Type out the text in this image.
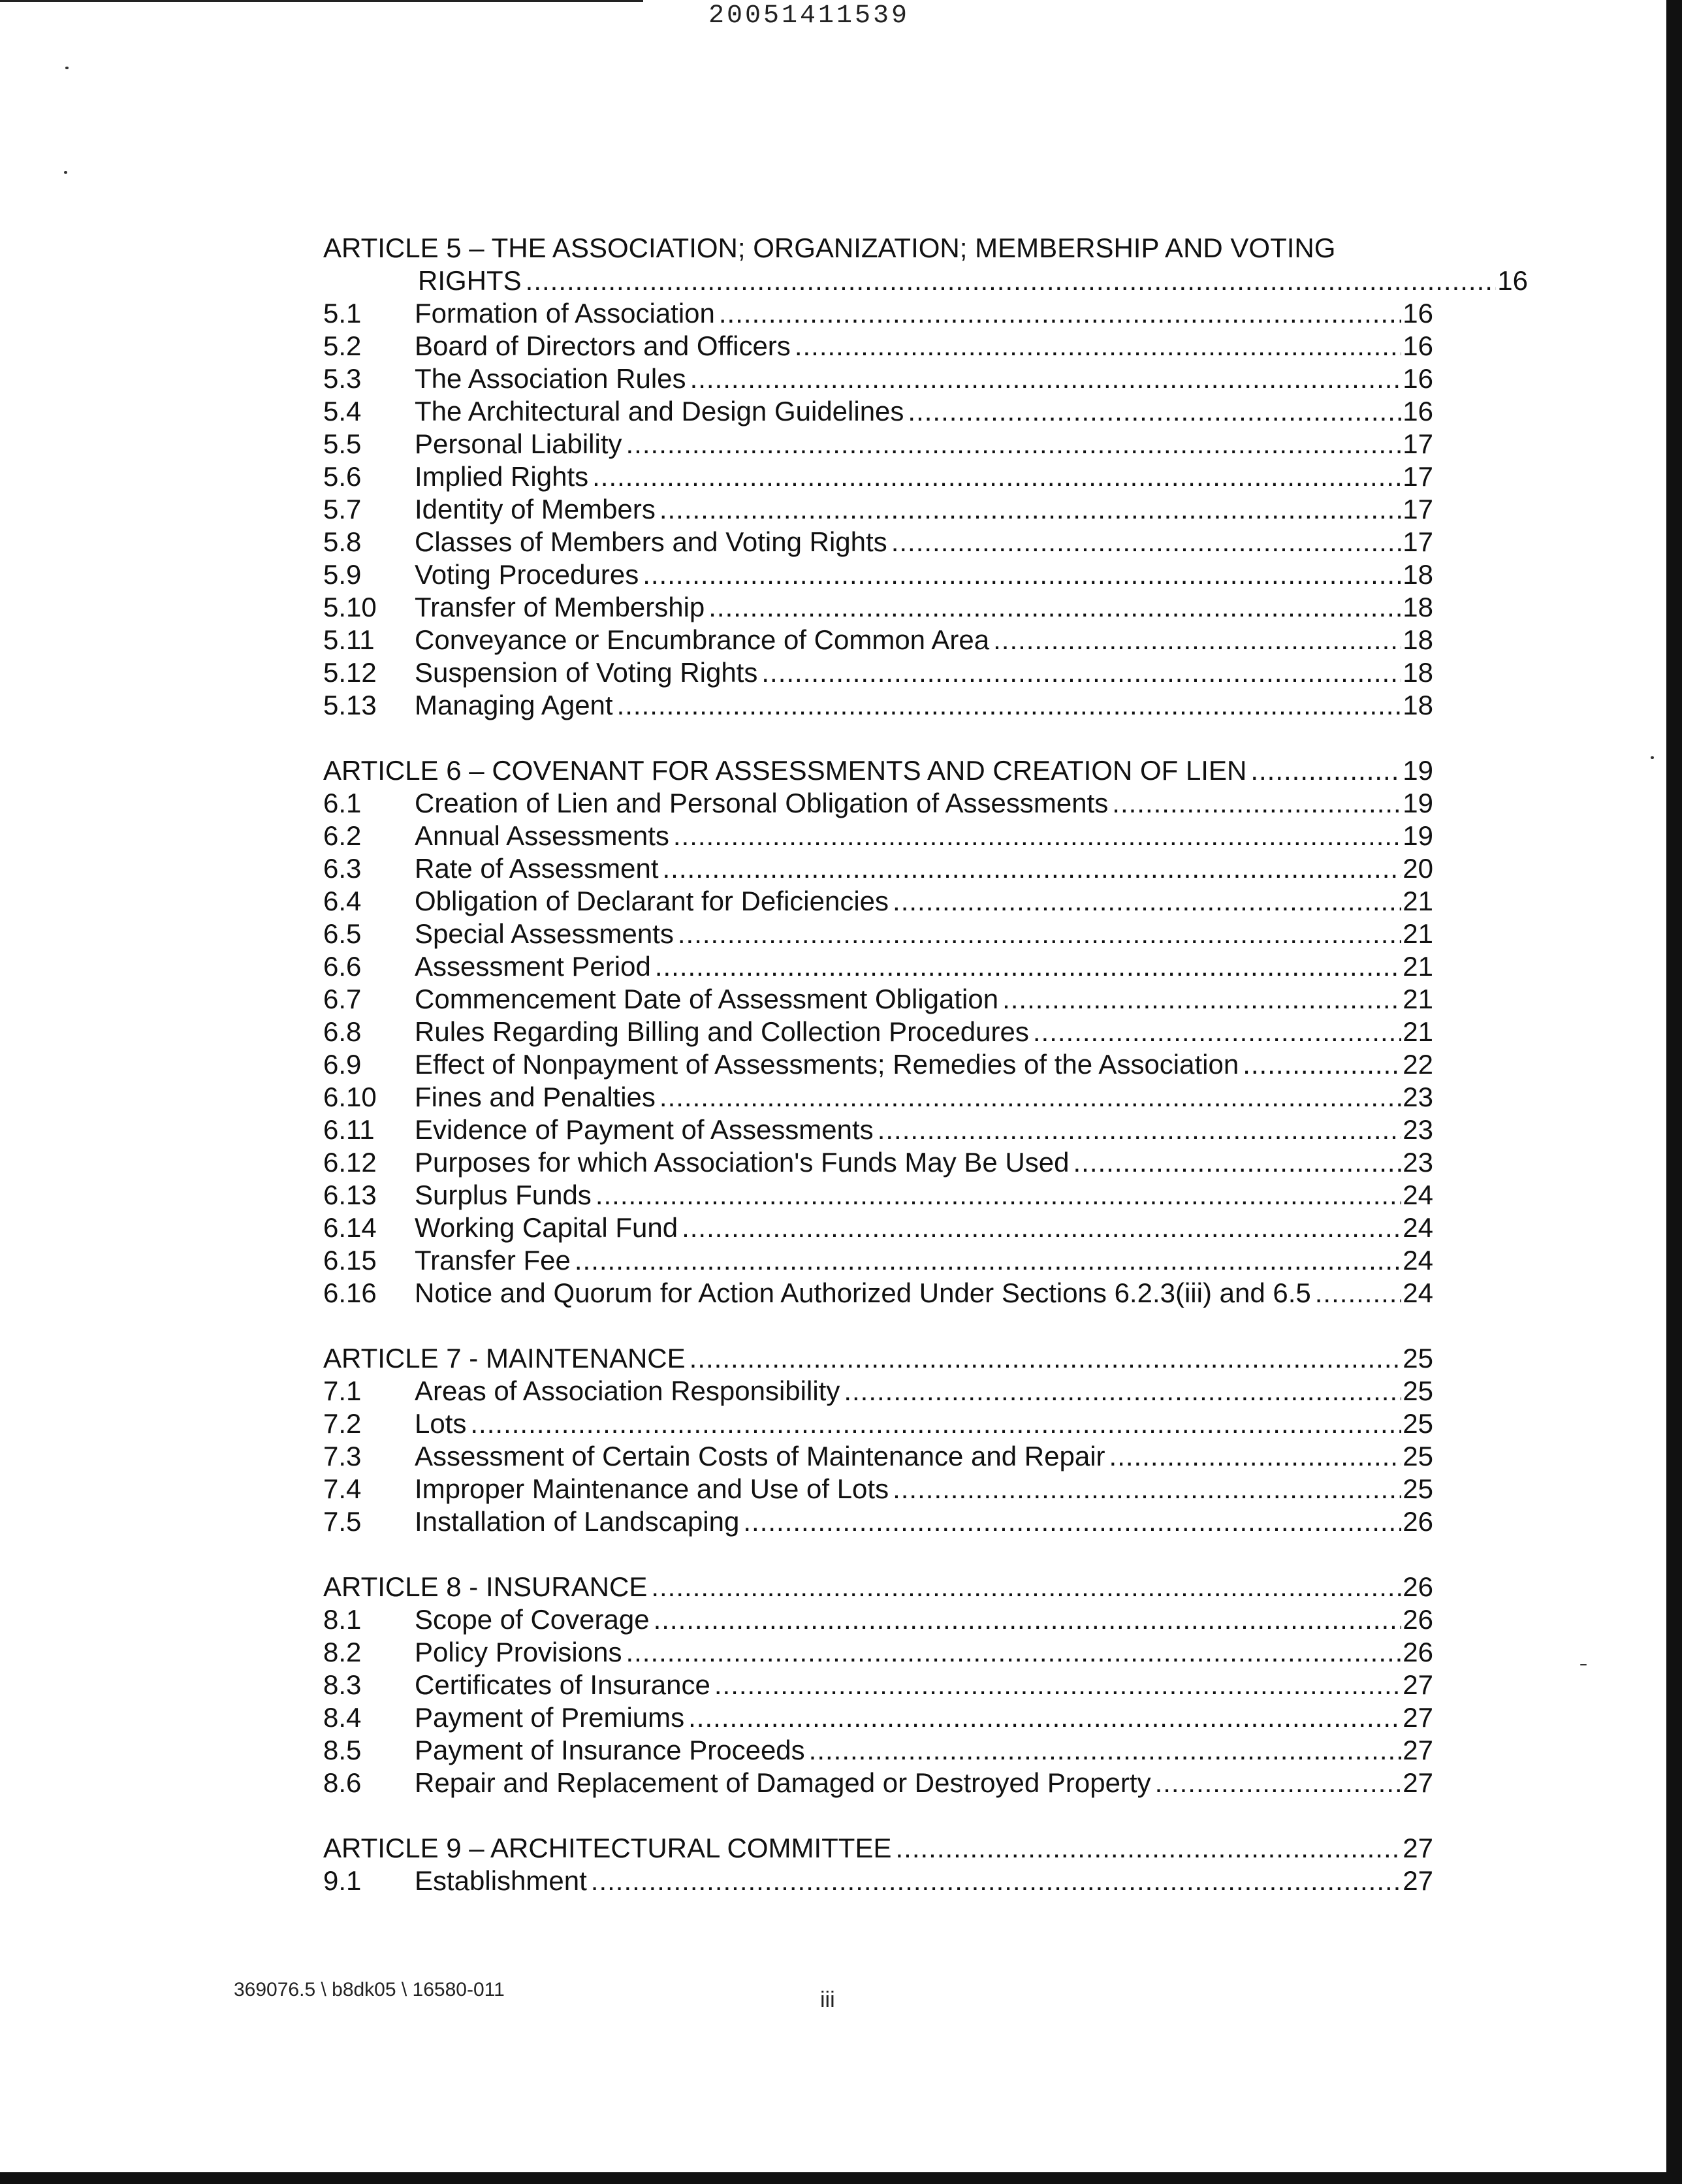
20051411539
ARTICLE 5 – THE ASSOCIATION; ORGANIZATION; MEMBERSHIP AND VOTING
RIGHTS .....	16
5.1 Formation of Association .....	16
5.2 Board of Directors and Officers .....	16
5.3 The Association Rules .....	16
5.4 The Architectural and Design Guidelines .....	16
5.5 Personal Liability .....	17
5.6 Implied Rights .....	17
5.7 Identity of Members .....	17
5.8 Classes of Members and Voting Rights .....	17
5.9 Voting Procedures .....	18
5.10 Transfer of Membership .....	18
5.11 Conveyance or Encumbrance of Common Area .....	18
5.12 Suspension of Voting Rights .....	18
5.13 Managing Agent .....	18
ARTICLE 6 – COVENANT FOR ASSESSMENTS AND CREATION OF LIEN .....	19
6.1 Creation of Lien and Personal Obligation of Assessments .....	19
6.2 Annual Assessments .....	19
6.3 Rate of Assessment .....	20
6.4 Obligation of Declarant for Deficiencies .....	21
6.5 Special Assessments .....	21
6.6 Assessment Period .....	21
6.7 Commencement Date of Assessment Obligation .....	21
6.8 Rules Regarding Billing and Collection Procedures .....	21
6.9 Effect of Nonpayment of Assessments; Remedies of the Association .....	22
6.10 Fines and Penalties .....	23
6.11 Evidence of Payment of Assessments .....	23
6.12 Purposes for which Association's Funds May Be Used .....	23
6.13 Surplus Funds .....	24
6.14 Working Capital Fund .....	24
6.15 Transfer Fee .....	24
6.16 Notice and Quorum for Action Authorized Under Sections 6.2.3(iii) and 6.5 .....	24
ARTICLE 7 - MAINTENANCE .....	25
7.1 Areas of Association Responsibility .....	25
7.2 Lots .....	25
7.3 Assessment of Certain Costs of Maintenance and Repair .....	25
7.4 Improper Maintenance and Use of Lots .....	25
7.5 Installation of Landscaping .....	26
ARTICLE 8 - INSURANCE .....	26
8.1 Scope of Coverage .....	26
8.2 Policy Provisions .....	26
8.3 Certificates of Insurance .....	27
8.4 Payment of Premiums .....	27
8.5 Payment of Insurance Proceeds .....	27
8.6 Repair and Replacement of Damaged or Destroyed Property .....	27
ARTICLE 9 – ARCHITECTURAL COMMITTEE .....	27
9.1 Establishment .....	27
369076.5 \ b8dk05 \ 16580-011	iii
